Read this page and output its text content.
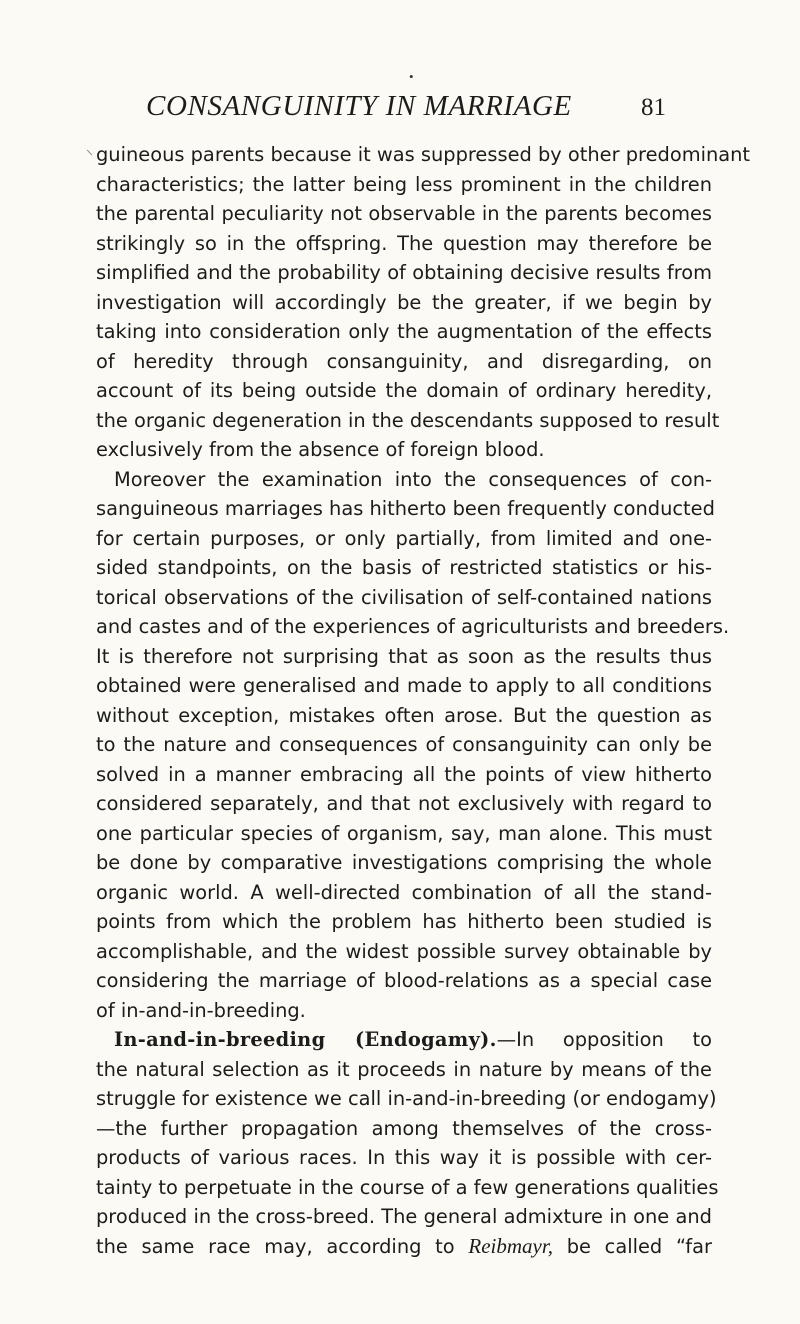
•
CONSANGUINITY IN MARRIAGE	81
guineous parents because it was suppressed by other predominant
characteristics; the latter being less prominent in the children
the parental peculiarity not observable in the parents becomes
strikingly so in the offspring. The question may therefore be
simplified and the probability of obtaining decisive results from
investigation will accordingly be the greater, if we begin by
taking into consideration only the augmentation of the effects
of heredity through consanguinity, and disregarding, on
account of its being outside the domain of ordinary heredity,
the organic degeneration in the descendants supposed to result
exclusively from the absence of foreign blood.
Moreover the examination into the consequences of con-
sanguineous marriages has hitherto been frequently conducted
for certain purposes, or only partially, from limited and one-
sided standpoints, on the basis of restricted statistics or his-
torical observations of the civilisation of self-contained nations
and castes and of the experiences of agriculturists and breeders.
It is therefore not surprising that as soon as the results thus
obtained were generalised and made to apply to all conditions
without exception, mistakes often arose. But the question as
to the nature and consequences of consanguinity can only be
solved in a manner embracing all the points of view hitherto
considered separately, and that not exclusively with regard to
one particular species of organism, say, man alone. This must
be done by comparative investigations comprising the whole
organic world. A well-directed combination of all the stand-
points from which the problem has hitherto been studied is
accomplishable, and the widest possible survey obtainable by
considering the marriage of blood-relations as a special case
of in-and-in-breeding.
In-and-in-breeding (Endogamy).—In opposition to
the natural selection as it proceeds in nature by means of the
struggle for existence we call in-and-in-breeding (or endogamy)
—the further propagation among themselves of the cross-
products of various races. In this way it is possible with cer-
tainty to perpetuate in the course of a few generations qualities
produced in the cross-breed. The general admixture in one and
the same race may, according to Reibmayr, be called “far
